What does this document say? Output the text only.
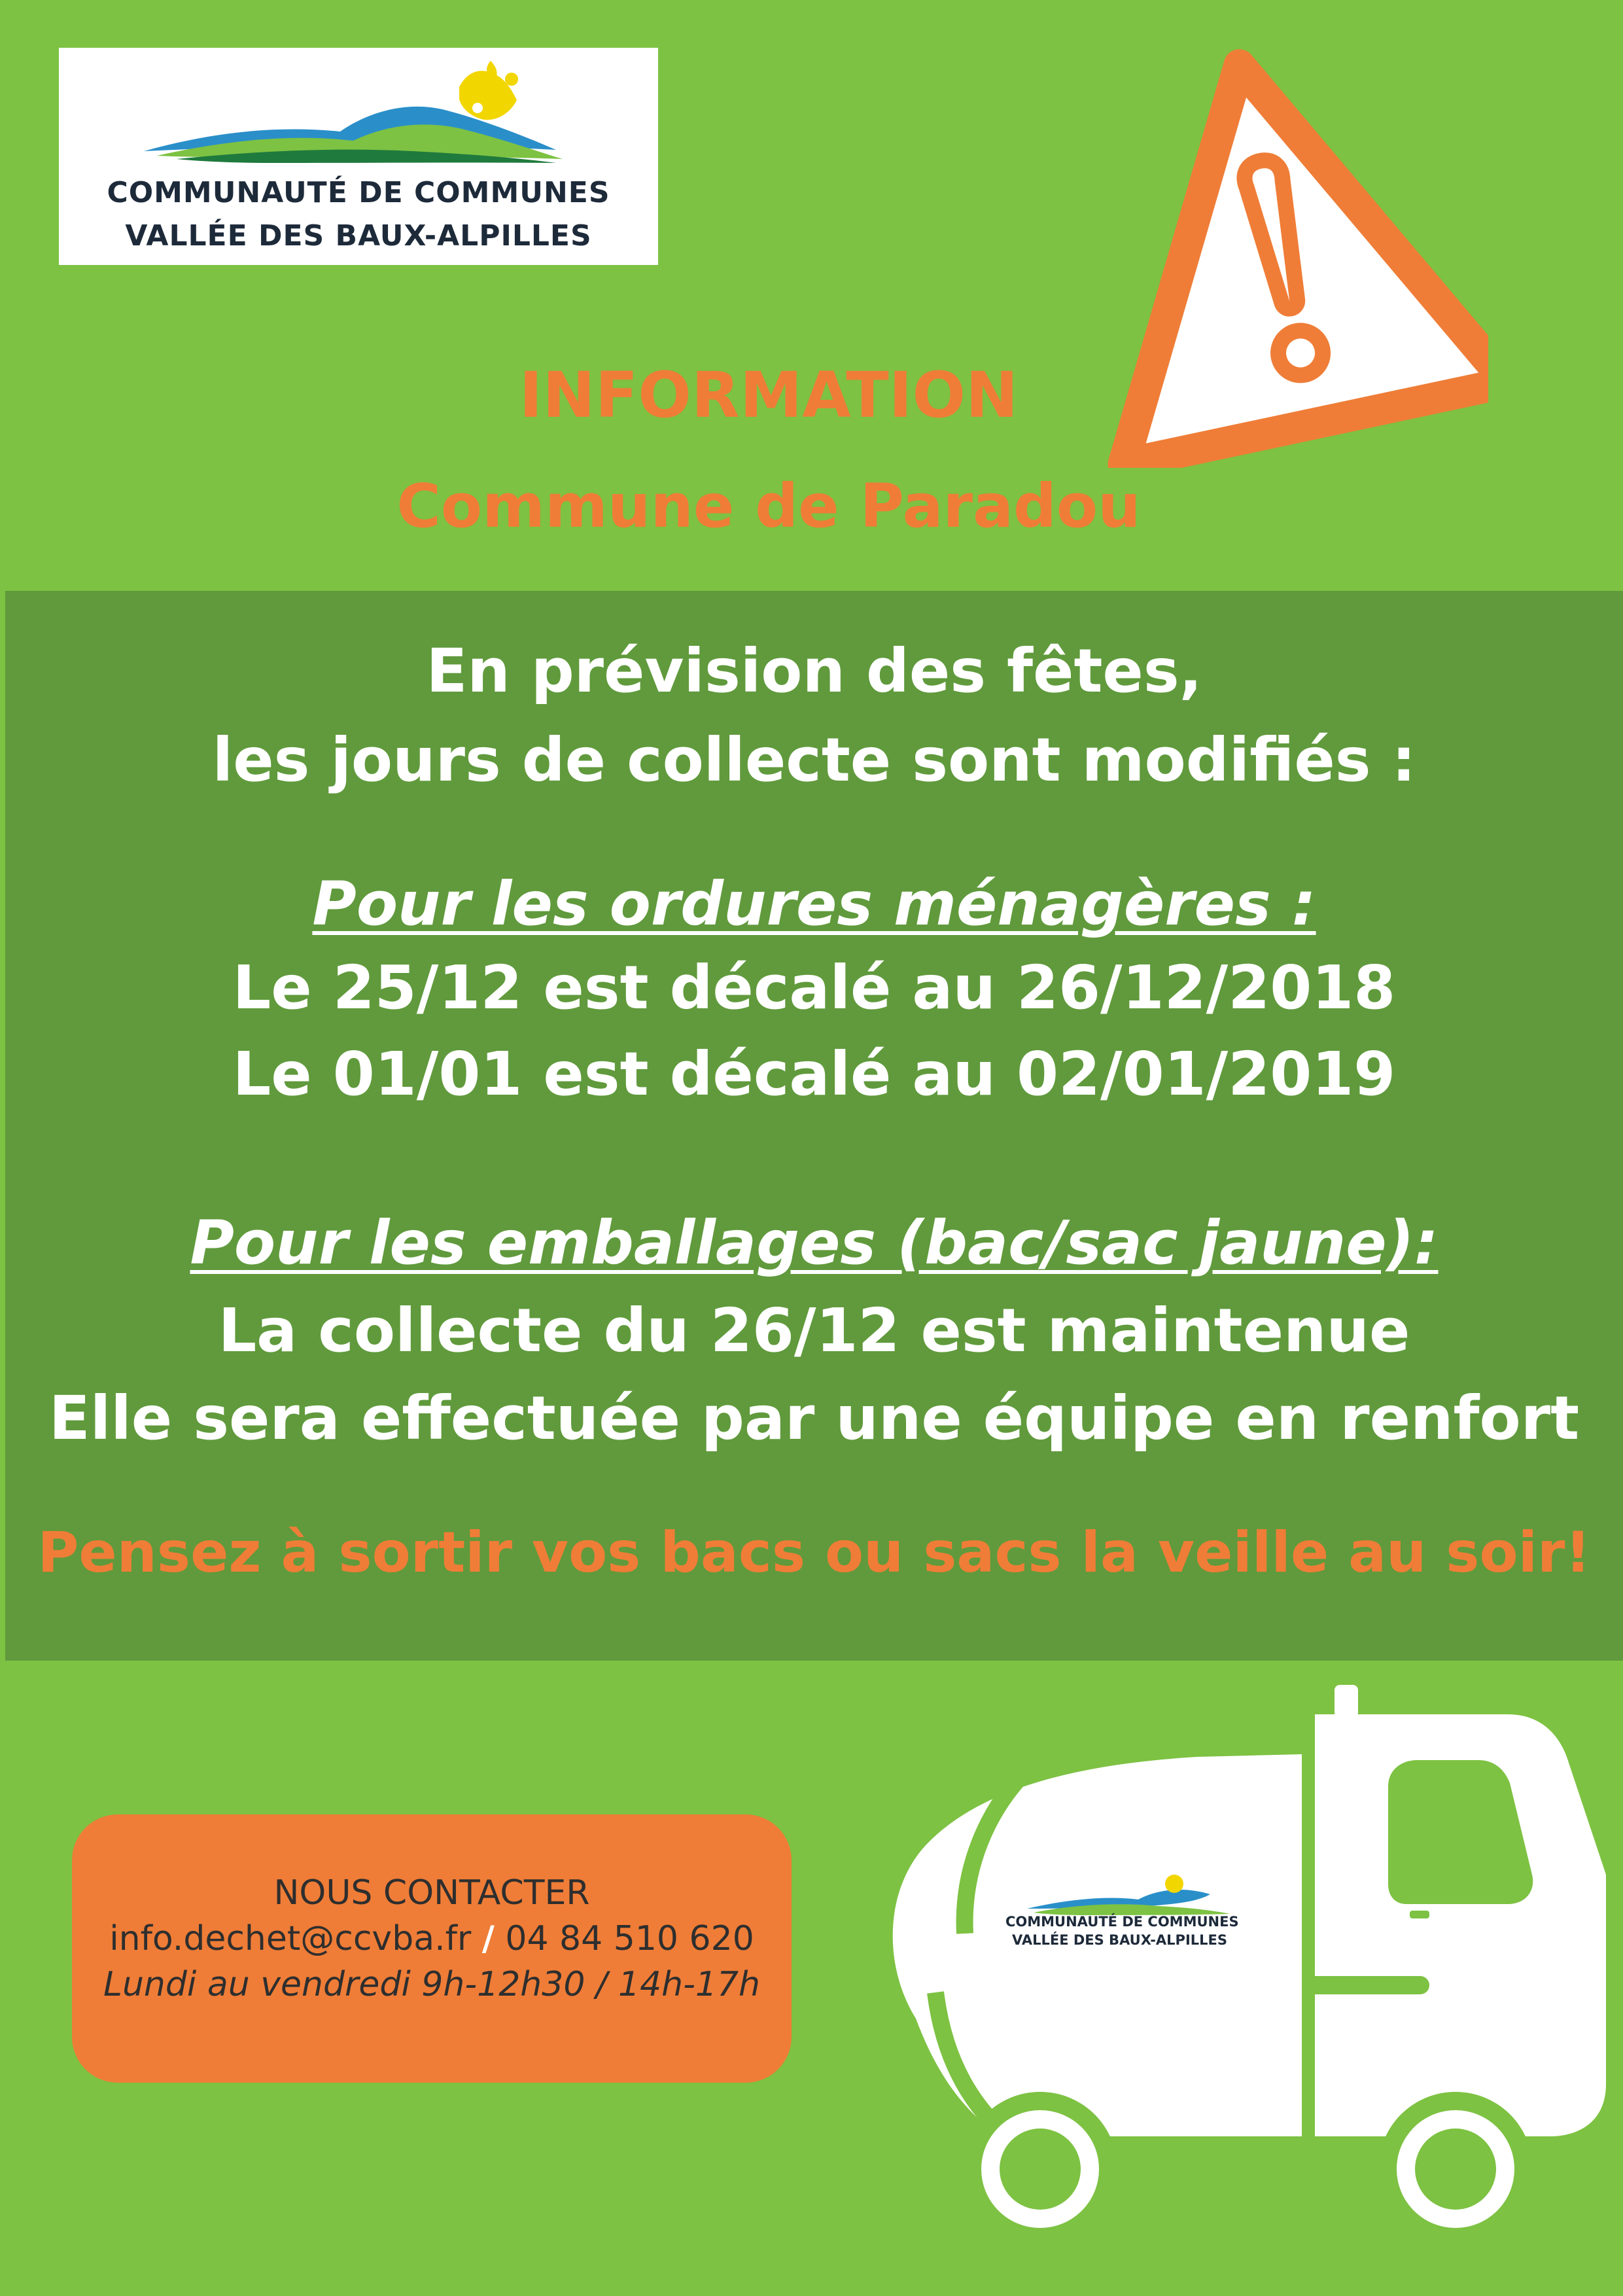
COMMUNAUTÉ DE COMMUNES
VALLÉE DES BAUX-ALPILLES
INFORMATION
Commune de Paradou
En prévision des fêtes,
les jours de collecte sont modifiés :
Pour les ordures ménagères :
Le 25/12 est décalé au 26/12/2018
Le 01/01 est décalé au 02/01/2019
Pour les emballages (bac/sac jaune):
La collecte du 26/12 est maintenue
Elle sera effectuée par une équipe en renfort
Pensez à sortir vos bacs ou sacs la veille au soir!
NOUS CONTACTER
info.dechet@ccvba.fr / 04 84 510 620
Lundi au vendredi 9h-12h30 / 14h-17h
COMMUNAUTÉ DE COMMUNES
VALLÉE DES BAUX-ALPILLES
